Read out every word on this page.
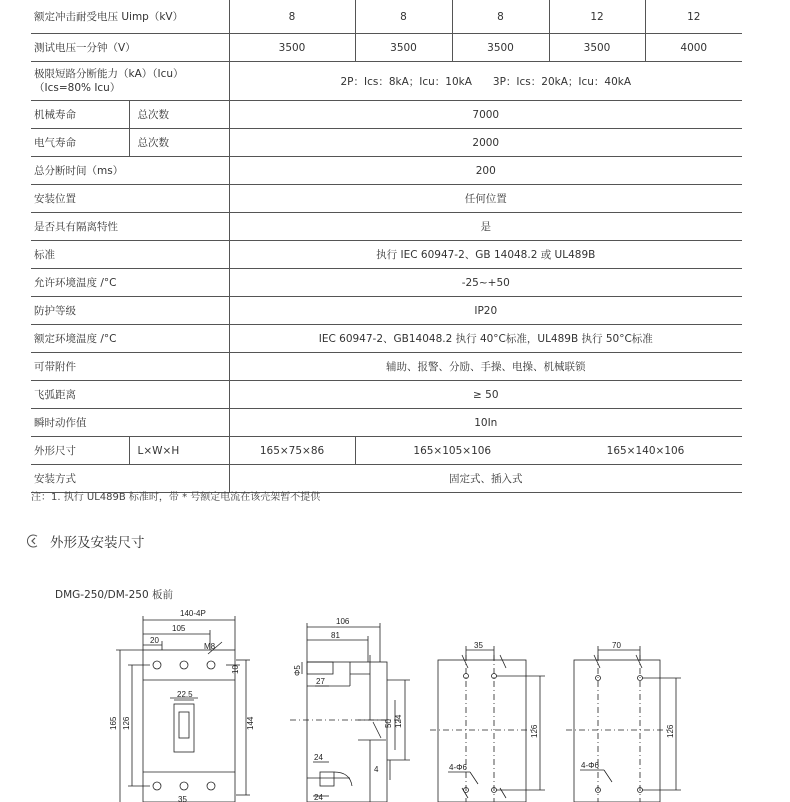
额定冲击耐受电压 Uimp（kV）		8	8	8	12	12
测试电压一分钟（V）		3500	3500	3500	3500	4000
极限短路分断能力（kA）（Icu）（Ics=80% Icu）		2P：Ics：8kA；Icu：10kA　　3P：Ics：20kA；Icu：40kA				
机械寿命	总次数	7000				
电气寿命	总次数	2000				
总分断时间（ms）		200				
安装位置		任何位置				
是否具有隔离特性		是				
标准		执行 IEC 60947-2、GB 14048.2 或 UL489B				
允许环境温度 /°C		-25~+50				
防护等级		IP20				
额定环境温度 /°C		IEC 60947-2、GB14048.2 执行 40°C标准，UL489B 执行 50°C标准				
可带附件		辅助、报警、分励、手操、电操、机械联锁				
飞弧距离		≥ 50				
瞬时动作值		10In				
外形尺寸	L×W×H	165×75×86	165×105×106		165×140×106	
安装方式		固定式、插入式				
注：1. 执行 UL489B 标准时，带 * 号额定电流在该壳架暂不提供
外形及安装尺寸
DMG-250/DM-250 板前
140-4P
105
20
M8
22.5
165 126	144
10
35
106
81
Φ5
27
50 124
24
4
24
35
126
4-Φ6
70
126
4-Φ6
